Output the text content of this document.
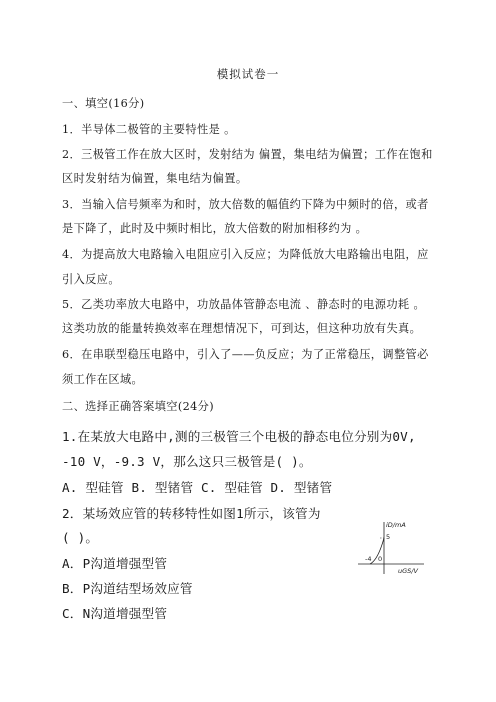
模拟试卷一
一、填空(16分)
1．半导体二极管的主要特性是 。
2．三极管工作在放大区时，发射结为 偏置，集电结为偏置；工作在饱和
区时发射结为偏置，集电结为偏置。
3．当输入信号频率为和时，放大倍数的幅值约下降为中频时的倍，或者
是下降了，此时及中频时相比，放大倍数的附加相移约为 。
4．为提高放大电路输入电阻应引入反应；为降低放大电路输出电阻，应
引入反应。
5．乙类功率放大电路中，功放晶体管静态电流 、静态时的电源功耗 。
这类功放的能量转换效率在理想情况下，可到达，但这种功放有失真。
6．在串联型稳压电路中，引入了——负反应；为了正常稳压，调整管必
须工作在区域。
二、选择正确答案填空(24分)
1.在某放大电路中,测的三极管三个电极的静态电位分别为0V,
-10 V，-9.3 V，那么这只三极管是( )。
A. 型硅管 B. 型锗管 C. 型硅管 D. 型锗管
2．某场效应管的转移特性如图1所示，该管为
( )。
A．P沟道增强型管
B．P沟道结型场效应管
C．N沟道增强型管
iD/mA
5
-4 0
uGS/V
